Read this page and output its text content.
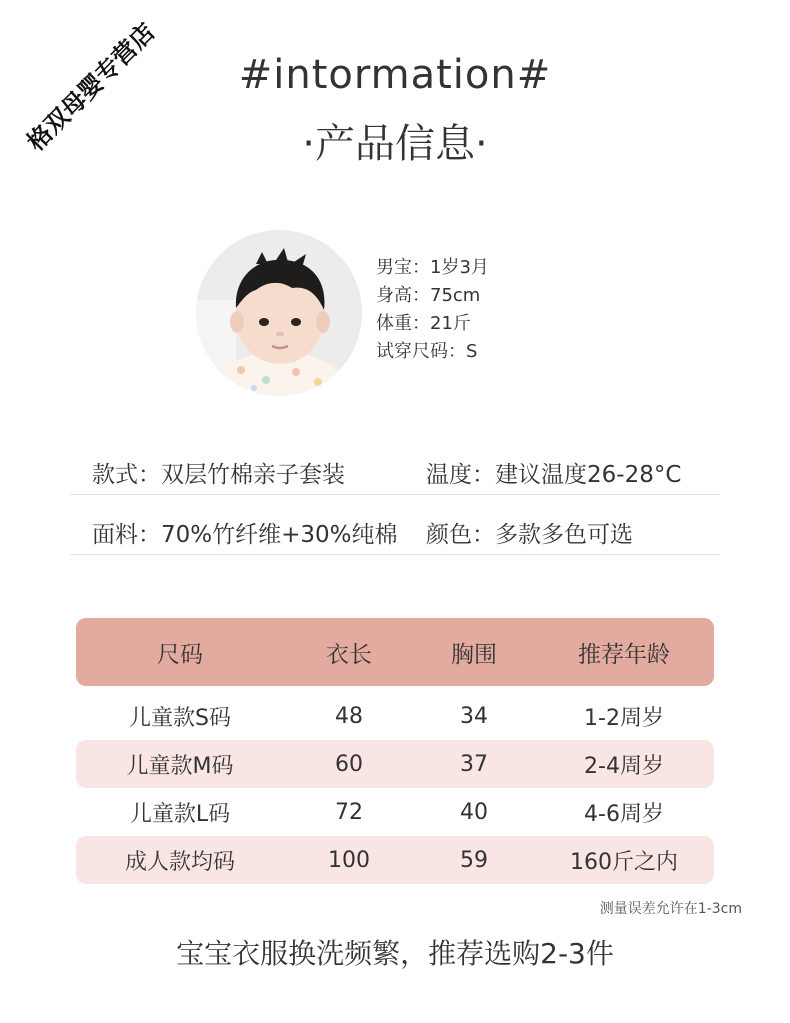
格双母婴专营店	#intormation#
·产品信息·
男宝：1岁3月
身高：75cm
体重：21斤
试穿尺码：S
款式：双层竹棉亲子套装	温度：建议温度26-28°C
面料：70%竹纤维+30%纯棉 颜色：多款多色可选
尺码	衣长	胸围	推荐年龄
儿童款S码	48	34	1-2周岁
儿童款M码	60	37	2-4周岁
儿童款L码	72	40	4-6周岁
成人款均码	100	59	160斤之内
测量误差允许在1-3cm
宝宝衣服换洗频繁，推荐选购2-3件
